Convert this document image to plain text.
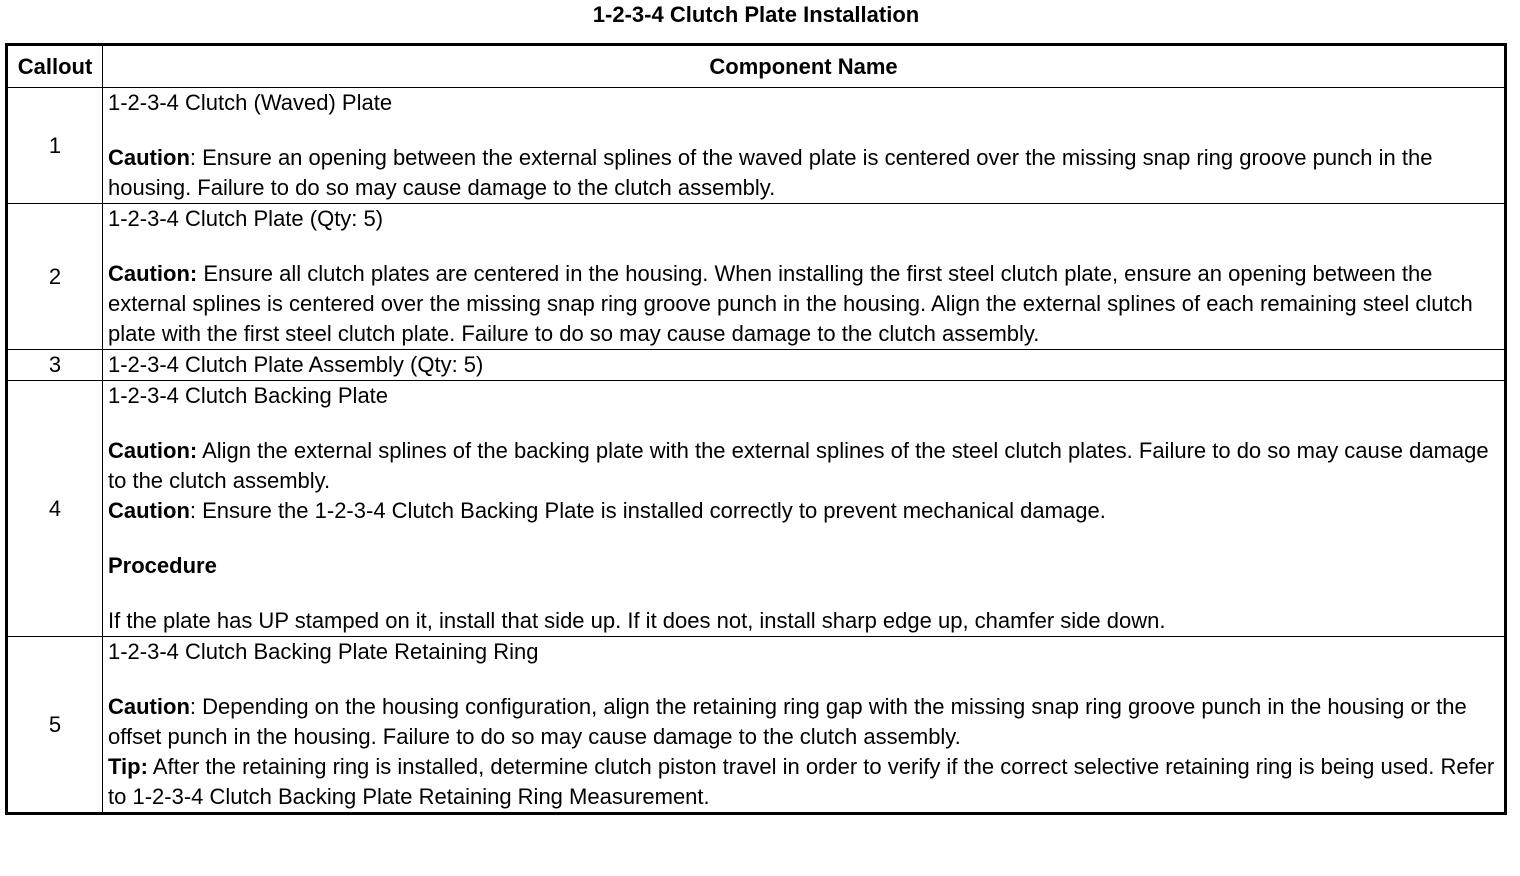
1-2-3-4 Clutch Plate Installation
Callout	Component Name
1	1-2-3-4 Clutch (Waved) Plate
Caution: Ensure an opening between the external splines of the waved plate is centered over the missing snap ring groove punch in the housing. Failure to do so may cause damage to the clutch assembly.

2	1-2-3-4 Clutch Plate (Qty: 5)
Caution: Ensure all clutch plates are centered in the housing. When installing the first steel clutch plate, ensure an opening between the external splines is centered over the missing snap ring groove punch in the housing. Align the external splines of each remaining steel clutch plate with the first steel clutch plate. Failure to do so may cause damage to the clutch assembly.

3	1-2-3-4 Clutch Plate Assembly (Qty: 5)

4	1-2-3-4 Clutch Backing Plate
Caution: Align the external splines of the backing plate with the external splines of the steel clutch plates. Failure to do so may cause damage to the clutch assembly.
Caution: Ensure the 1-2-3-4 Clutch Backing Plate is installed correctly to prevent mechanical damage.
Procedure
If the plate has UP stamped on it, install that side up. If it does not, install sharp edge up, chamfer side down.

5	1-2-3-4 Clutch Backing Plate Retaining Ring
Caution: Depending on the housing configuration, align the retaining ring gap with the missing snap ring groove punch in the housing or the offset punch in the housing. Failure to do so may cause damage to the clutch assembly.
Tip: After the retaining ring is installed, determine clutch piston travel in order to verify if the correct selective retaining ring is being used. Refer to 1-2-3-4 Clutch Backing Plate Retaining Ring Measurement.
